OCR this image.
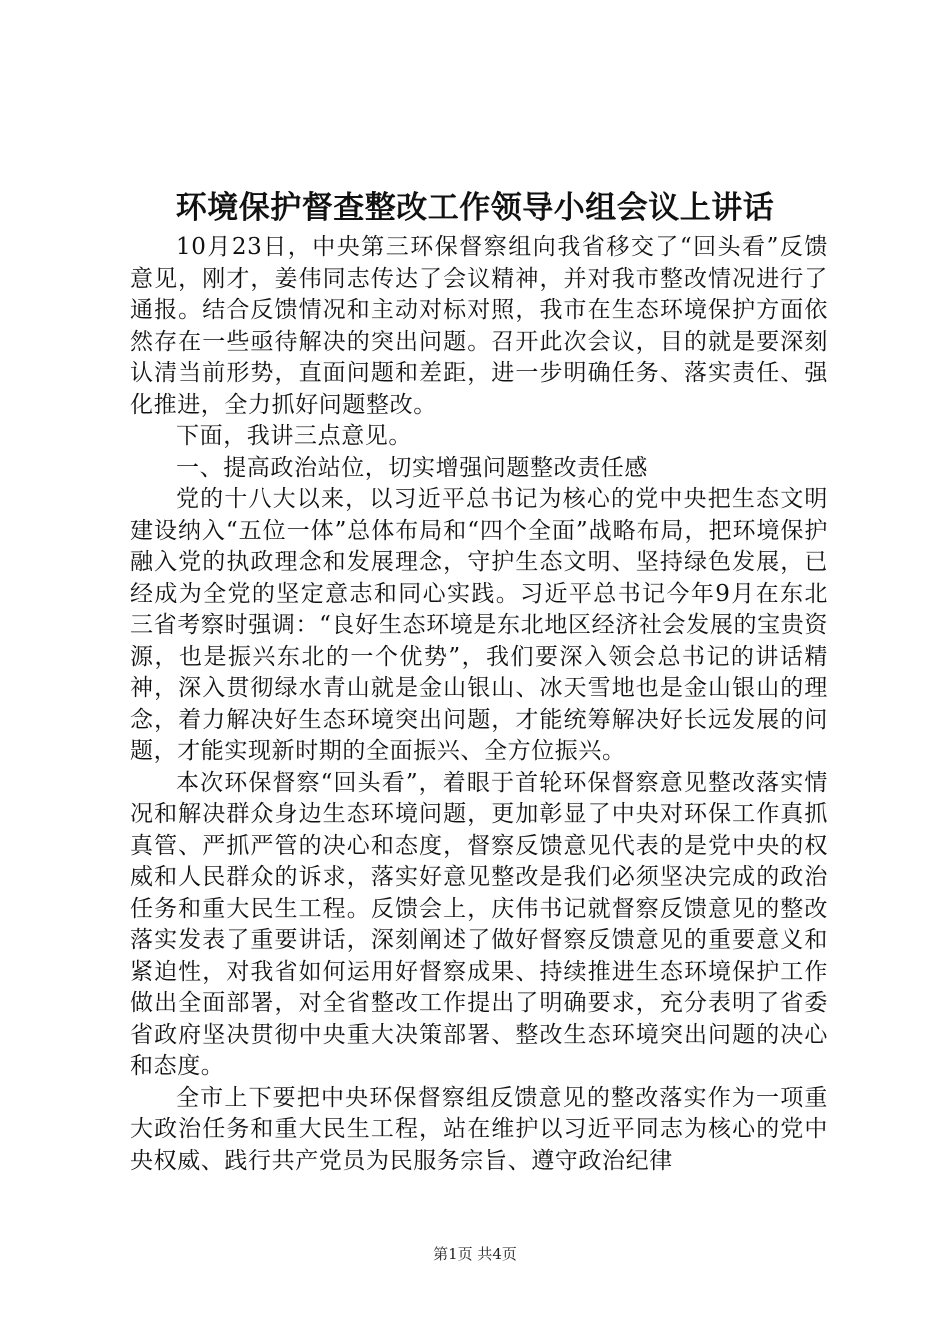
环境保护督查整改工作领导小组会议上讲话

10月23日，中央第三环保督察组向我省移交了“回头看”反馈意见，刚才，姜伟同志传达了会议精神，并对我市整改情况进行了通报。结合反馈情况和主动对标对照，我市在生态环境保护方面依然存在一些亟待解决的突出问题。召开此次会议，目的就是要深刻认清当前形势，直面问题和差距，进一步明确任务、落实责任、强化推进，全力抓好问题整改。

下面，我讲三点意见。

一、提高政治站位，切实增强问题整改责任感

党的十八大以来，以习近平总书记为核心的党中央把生态文明建设纳入“五位一体”总体布局和“四个全面”战略布局，把环境保护融入党的执政理念和发展理念，守护生态文明、坚持绿色发展，已经成为全党的坚定意志和同心实践。习近平总书记今年9月在东北三省考察时强调：“良好生态环境是东北地区经济社会发展的宝贵资源，也是振兴东北的一个优势”，我们要深入领会总书记的讲话精神，深入贯彻绿水青山就是金山银山、冰天雪地也是金山银山的理念，着力解决好生态环境突出问题，才能统筹解决好长远发展的问题，才能实现新时期的全面振兴、全方位振兴。

本次环保督察“回头看”，着眼于首轮环保督察意见整改落实情况和解决群众身边生态环境问题，更加彰显了中央对环保工作真抓真管、严抓严管的决心和态度，督察反馈意见代表的是党中央的权威和人民群众的诉求，落实好意见整改是我们必须坚决完成的政治任务和重大民生工程。反馈会上，庆伟书记就督察反馈意见的整改落实发表了重要讲话，深刻阐述了做好督察反馈意见的重要意义和紧迫性，对我省如何运用好督察成果、持续推进生态环境保护工作做出全面部署，对全省整改工作提出了明确要求，充分表明了省委省政府坚决贯彻中央重大决策部署、整改生态环境突出问题的决心和态度。

全市上下要把中央环保督察组反馈意见的整改落实作为一项重大政治任务和重大民生工程，站在维护以习近平同志为核心的党中央权威、践行共产党员为民服务宗旨、遵守政治纪律

第1页 共4页
